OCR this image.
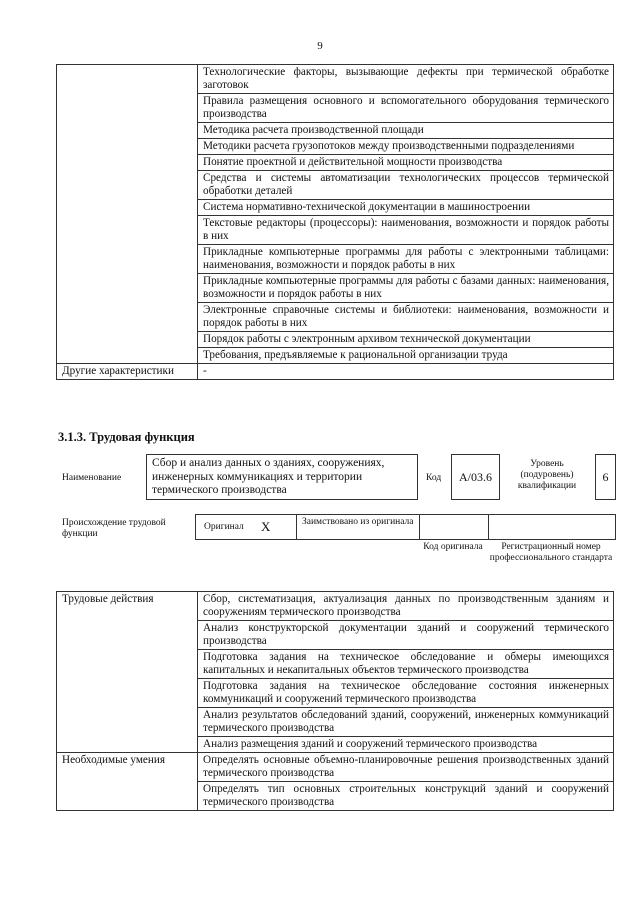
9
	Технологические факторы, вызывающие дефекты при термической обработке заготовок
	Правила размещения основного и вспомогательного оборудования термического производства
	Методика расчета производственной площади
	Методики расчета грузопотоков между производственными подразделениями
	Понятие проектной и действительной мощности производства
	Средства и системы автоматизации технологических процессов термической обработки деталей
	Система нормативно-технической документации в машиностроении
	Текстовые редакторы (процессоры): наименования, возможности и порядок работы в них
	Прикладные компьютерные программы для работы с электронными таблицами: наименования, возможности и порядок работы в них
	Прикладные компьютерные программы для работы с базами данных: наименования, возможности и порядок работы в них
	Электронные справочные системы и библиотеки: наименования, возможности и порядок работы в них
	Порядок работы с электронным архивом технической документации
	Требования, предъявляемые к рациональной организации труда
Другие характеристики	-
3.1.3. Трудовая функция
Наименование
Сбор и анализ данных о зданиях, сооружениях, инженерных коммуникациях и территории термического производства
Код	А/03.6
Уровень (подуровень) квалификации
6
Происхождение трудовой функции
Оригинал X	Заимствовано из оригинала
Код оригинала	Регистрационный номер профессионального стандарта
Трудовые действия	Сбор, систематизация, актуализация данных по производственным зданиям и сооружениям термического производства
	Анализ конструкторской документации зданий и сооружений термического производства
	Подготовка задания на техническое обследование и обмеры имеющихся капитальных и некапитальных объектов термического производства
	Подготовка задания на техническое обследование состояния инженерных коммуникаций и сооружений термического производства
	Анализ результатов обследований зданий, сооружений, инженерных коммуникаций термического производства
	Анализ размещения зданий и сооружений термического производства
Необходимые умения	Определять основные объемно-планировочные решения производственных зданий термического производства
	Определять тип основных строительных конструкций зданий и сооружений термического производства
